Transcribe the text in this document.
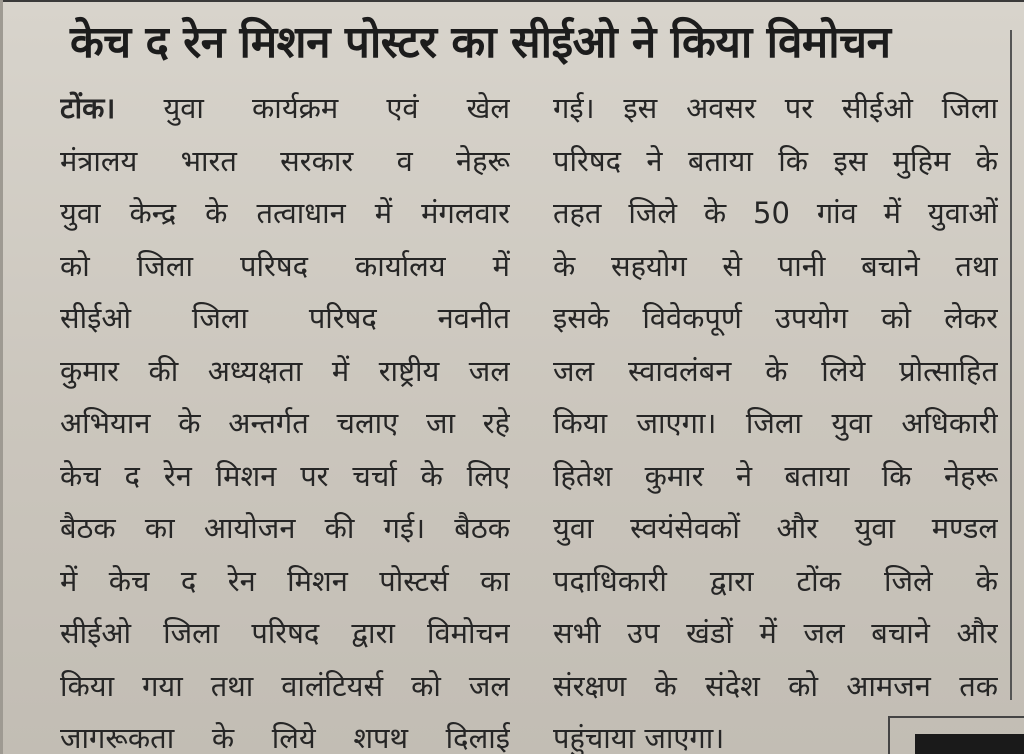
केच द रेन मिशन पोस्टर का सीईओ ने किया विमोचन
टोंक। युवा कार्यक्रम एवं खेल
मंत्रालय भारत सरकार व नेहरू
युवा केन्द्र के तत्वाधान में मंगलवार
को जिला परिषद कार्यालय में
सीईओ जिला परिषद नवनीत
कुमार की अध्यक्षता में राष्ट्रीय जल
अभियान के अन्तर्गत चलाए जा रहे
केच द रेन मिशन पर चर्चा के लिए
बैठक का आयोजन की गई। बैठक
में केच द रेन मिशन पोस्टर्स का
सीईओ जिला परिषद द्वारा विमोचन
किया गया तथा वालंटियर्स को जल
जागरूकता के लिये शपथ दिलाई
गई। इस अवसर पर सीईओ जिला
परिषद ने बताया कि इस मुहिम के
तहत जिले के 50 गांव में युवाओं
के सहयोग से पानी बचाने तथा
इसके विवेकपूर्ण उपयोग को लेकर
जल स्वावलंबन के लिये प्रोत्साहित
किया जाएगा। जिला युवा अधिकारी
हितेश कुमार ने बताया कि नेहरू
युवा स्वयंसेवकों और युवा मण्डल
पदाधिकारी द्वारा टोंक जिले के
सभी उप खंडों में जल बचाने और
संरक्षण के संदेश को आमजन तक
पहुंचाया जाएगा।
